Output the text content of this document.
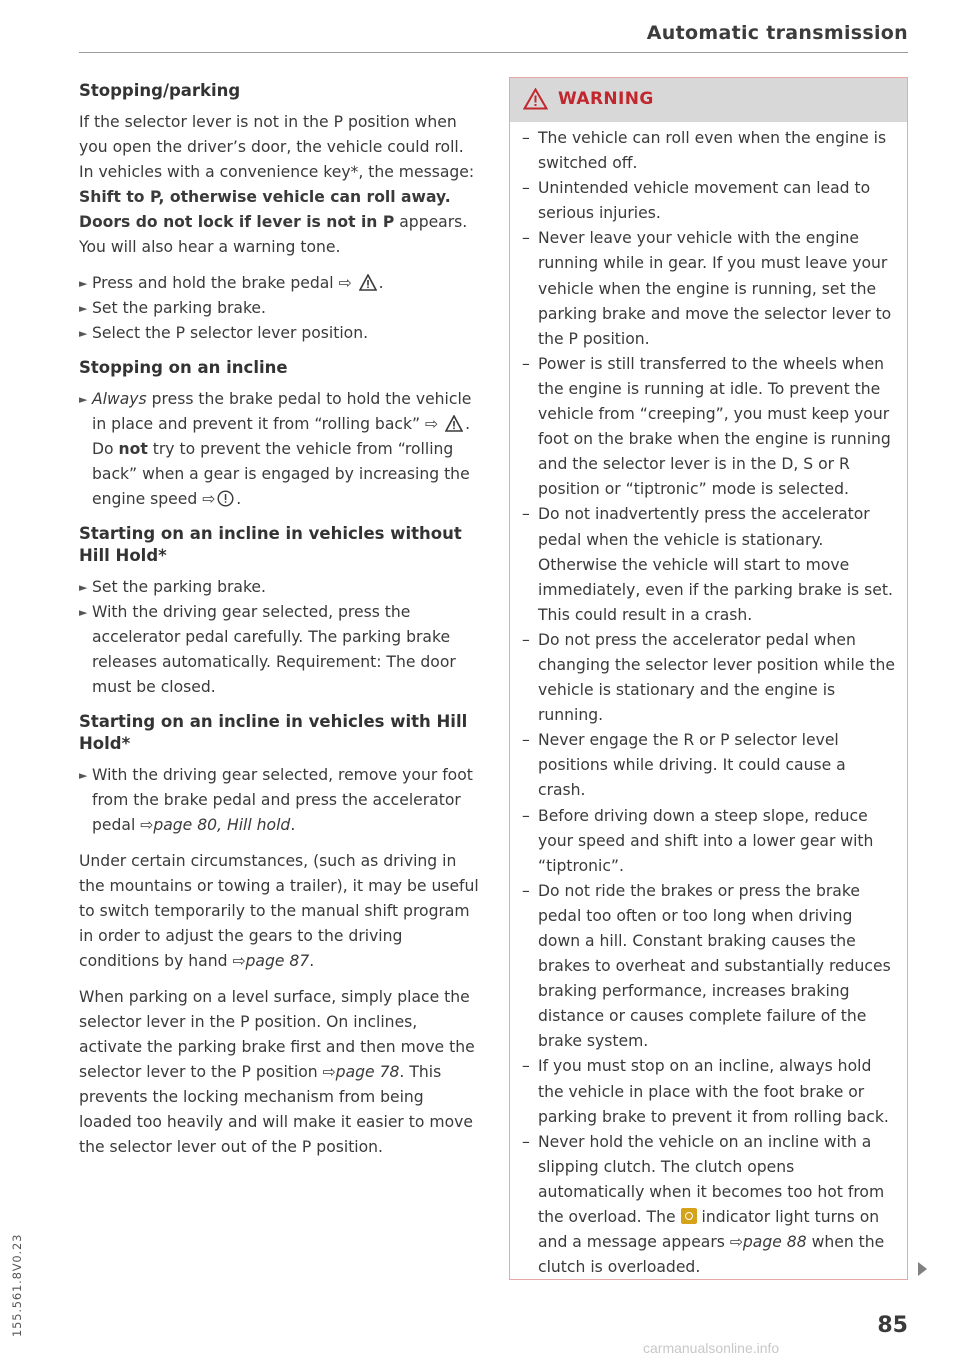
Automatic transmission
Stopping/parking

If the selector lever is not in the P position when you open the driver’s door, the vehicle could roll. In vehicles with a convenience key*, the message: Shift to P, otherwise vehicle can roll away. Doors do not lock if lever is not in P appears. You will also hear a warning tone.

► Press and hold the brake pedal ⇨ .
► Set the parking brake.
► Select the P selector lever position.
Stopping on an incline
► Always press the brake pedal to hold the vehicle in place and prevent it from “rolling back” ⇨ . Do not try to prevent the vehicle from “rolling back” when a gear is engaged by increasing the engine speed ⇨ .
Starting on an incline in vehicles without Hill Hold*
► Set the parking brake.
► With the driving gear selected, press the accelerator pedal carefully. The parking brake releases automatically. Requirement: The door must be closed.
Starting on an incline in vehicles with Hill Hold*
► With the driving gear selected, remove your foot from the brake pedal and press the accelerator pedal ⇨page 80, Hill hold.

Under certain circumstances, (such as driving in the mountains or towing a trailer), it may be useful to switch temporarily to the manual shift program in order to adjust the gears to the driving conditions by hand ⇨page 87.

When parking on a level surface, simply place the selector lever in the P position. On inclines, activate the parking brake first and then move the selector lever to the P position ⇨page 78. This prevents the locking mechanism from being loaded too heavily and will make it easier to move the selector lever out of the P position.

WARNING
– The vehicle can roll even when the engine is switched off.
– Unintended vehicle movement can lead to serious injuries.
– Never leave your vehicle with the engine running while in gear. If you must leave your vehicle when the engine is running, set the parking brake and move the selector lever to the P position.
– Power is still transferred to the wheels when the engine is running at idle. To prevent the vehicle from “creeping”, you must keep your foot on the brake when the engine is running and the selector lever is in the D, S or R position or “tiptronic” mode is selected.
– Do not inadvertently press the accelerator pedal when the vehicle is stationary. Otherwise the vehicle will start to move immediately, even if the parking brake is set. This could result in a crash.
– Do not press the accelerator pedal when changing the selector lever position while the vehicle is stationary and the engine is running.
– Never engage the R or P selector level positions while driving. It could cause a crash.
– Before driving down a steep slope, reduce your speed and shift into a lower gear with “tiptronic”.
– Do not ride the brakes or press the brake pedal too often or too long when driving down a hill. Constant braking causes the brakes to overheat and substantially reduces braking performance, increases braking distance or causes complete failure of the brake system.
– If you must stop on an incline, always hold the vehicle in place with the foot brake or parking brake to prevent it from rolling back.
– Never hold the vehicle on an incline with a slipping clutch. The clutch opens automatically when it becomes too hot from the overload. The  indicator light turns on and a message appears ⇨page 88 when the clutch is overloaded.
85
155.561.8V0.23
carmanualsonline.info
